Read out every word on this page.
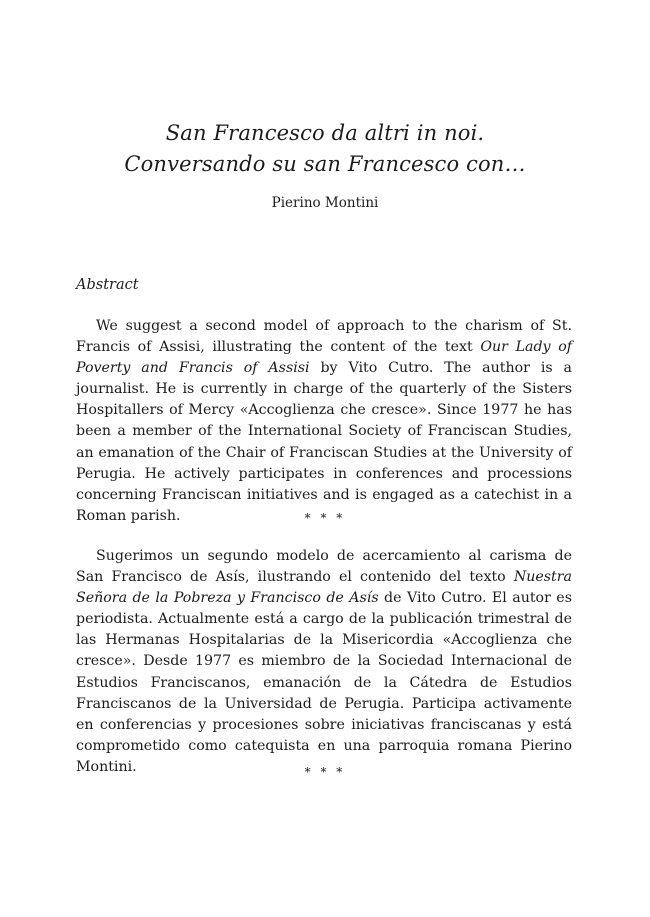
San Francesco da altri in noi.
Conversando su san Francesco con…
Pierino Montini
Abstract

We suggest a second model of approach to the charism of St. Francis of Assisi, illustrating the content of the text Our Lady of Poverty and Francis of Assisi by Vito Cutro. The author is a journalist. He is currently in charge of the quarterly of the Sisters Hospitallers of Mercy «Accoglienza che cresce». Since 1977 he has been a member of the International Society of Franciscan Studies, an emanation of the Chair of Franciscan Studies at the University of Perugia. He actively participates in conferences and processions concerning Franciscan initiatives and is engaged as a catechist in a Roman parish.	* * *

Sugerimos un segundo modelo de acercamiento al carisma de San Francisco de Asís, ilustrando el contenido del texto Nuestra Señora de la Pobreza y Francisco de Asís de Vito Cutro. El autor es periodista. Actualmente está a cargo de la publicación trimestral de las Hermanas Hospitalarias de la Misericordia «Accoglienza che cresce». Desde 1977 es miembro de la Sociedad Internacional de Estudios Franciscanos, emanación de la Cátedra de Estudios Franciscanos de la Universidad de Perugia. Participa activamente en conferencias y procesiones sobre iniciativas franciscanas y está comprometido como catequista en una parroquia romana Pierino Montini.	* * *
